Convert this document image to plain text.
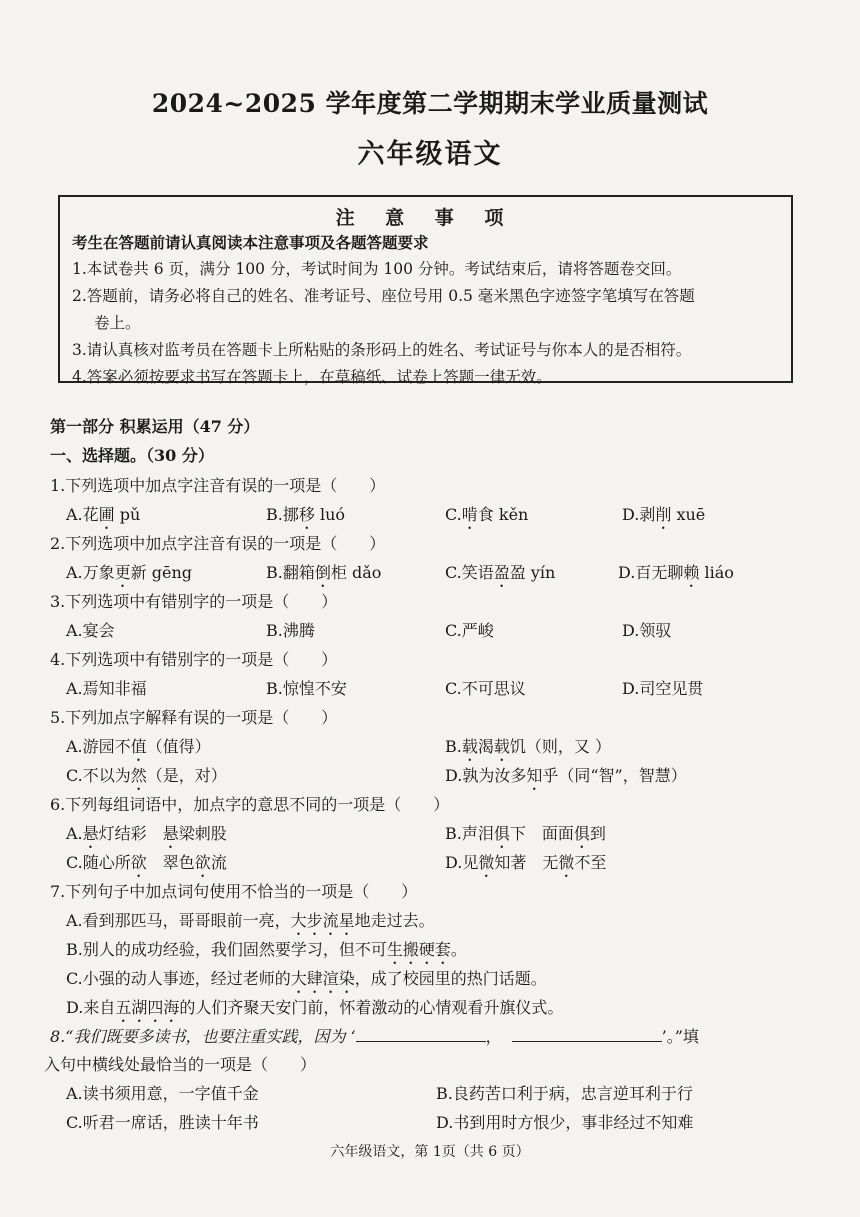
2024~2025 学年度第二学期期末学业质量测试
六年级语文
注 意 事 项
考生在答题前请认真阅读本注意事项及各题答题要求
1.本试卷共 6 页，满分 100 分，考试时间为 100 分钟。考试结束后，请将答题卷交回。
2.答题前，请务必将自己的姓名、准考证号、座位号用 0.5 毫米黑色字迹签字笔填写在答题
卷上。
3.请认真核对监考员在答题卡上所粘贴的条形码上的姓名、考试证号与你本人的是否相符。
4.答案必须按要求书写在答题卡上，在草稿纸、试卷上答题一律无效。
第一部分 积累运用（47 分）
一、选择题。（30 分）
1.下列选项中加点字注音有误的一项是（　　）
A.花圃 pǔ	B.挪移 luó	C.啃食 kěn	D.剥削 xuē
2.下列选项中加点字注音有误的一项是（　　）
A.万象更新 gēng	B.翻箱倒柜 dǎo	C.笑语盈盈 yín	D.百无聊赖 liáo
3.下列选项中有错别字的一项是（　　）
A.宴会	B.沸腾	C.严峻	D.领驭
4.下列选项中有错别字的一项是（　　）
A.焉知非福	B.惊惶不安	C.不可思议	D.司空见贯
5.下列加点字解释有误的一项是（　　）
A.游园不值（值得）	B.载渴载饥（则，又 ）
C.不以为然（是，对）	D.孰为汝多知乎（同“智”，智慧）
6.下列每组词语中，加点字的意思不同的一项是（　　）
A.悬灯结彩　悬梁刺股	B.声泪俱下　面面俱到
C.随心所欲　翠色欲流	D.见微知著　无微不至
7.下列句子中加点词句使用不恰当的一项是（　　）
A.看到那匹马，哥哥眼前一亮，大步流星地走过去。
B.别人的成功经验，我们固然要学习，但不可生搬硬套。
C.小强的动人事迹，经过老师的大肆渲染，成了校园里的热门话题。
D.来自五湖四海的人们齐聚天安门前，怀着激动的心情观看升旗仪式。
8.“我们既要多读书，也要注重实践，因为 ‘	，	’。”填
入句中横线处最恰当的一项是（　　）
A.读书须用意，一字值千金	B.良药苦口利于病，忠言逆耳利于行
C.听君一席话，胜读十年书	D.书到用时方恨少，事非经过不知难
六年级语文，第 1页（共 6 页）
